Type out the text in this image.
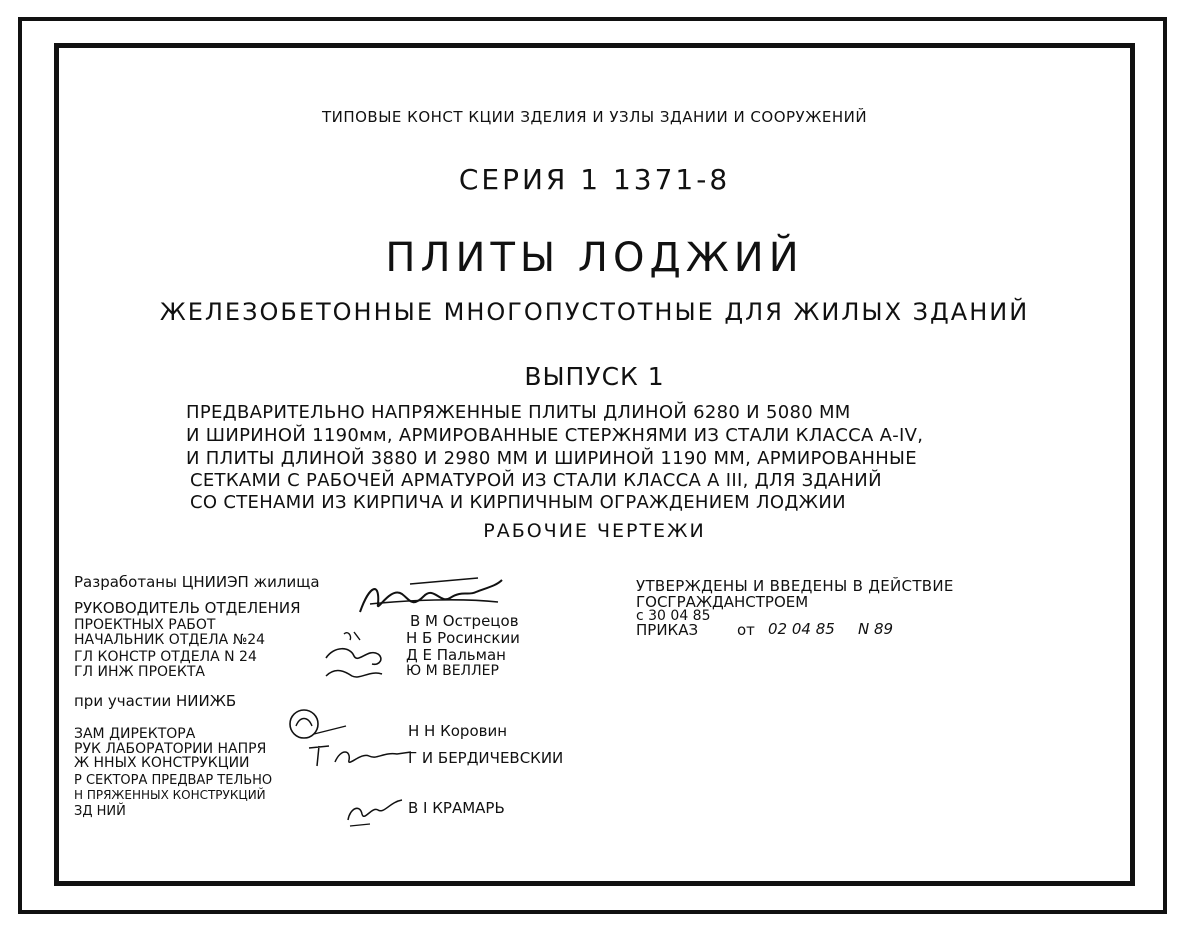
ТИПОВЫЕ КОНСТ КЦИИ ЗДЕЛИЯ И УЗЛЫ ЗДАНИИ И СООРУЖЕНИЙ
СЕРИЯ 1 1371-8
ПЛИТЫ ЛОДЖИЙ
ЖЕЛЕЗОБЕТОННЫЕ МНОГОПУСТОТНЫЕ ДЛЯ ЖИЛЫХ ЗДАНИЙ
ВЫПУСК 1
ПРЕДВАРИТЕЛЬНО НАПРЯЖЕННЫЕ ПЛИТЫ ДЛИНОЙ 6280 И 5080 ММ
И ШИРИНОЙ 1190мм, АРМИРОВАННЫЕ СТЕРЖНЯМИ ИЗ СТАЛИ КЛАССА А-IV,
И ПЛИТЫ ДЛИНОЙ 3880 И 2980 ММ И ШИРИНОЙ 1190 ММ, АРМИРОВАННЫЕ
СЕТКАМИ С РАБОЧЕЙ АРМАТУРОЙ ИЗ СТАЛИ КЛАССА А III, ДЛЯ ЗДАНИЙ
СО СТЕНАМИ ИЗ КИРПИЧА И КИРПИЧНЫМ ОГРАЖДЕНИЕМ ЛОДЖИИ
РАБОЧИЕ ЧЕРТЕЖИ
Разработаны ЦНИИЭП жилища
РУКОВОДИТЕЛЬ ОТДЕЛЕНИЯ
ПРОЕКТНЫХ РАБОТ	В М Острецов
НАЧАЛЬНИК ОТДЕЛА №24	Н Б Росинскии
ГЛ КОНСТР ОТДЕЛА N 24	Д Е Пальман
ГЛ ИНЖ ПРОЕКТА	Ю М ВЕЛЛЕР
при участии НИИЖБ
ЗАМ ДИРЕКТОРА	Н Н Коровин
РУК ЛАБОРАТОРИИ НАПРЯ
Ж ННЫХ КОНСТРУКЦИИ	Г И БЕРДИЧЕВСКИИ
Р СЕКТОРА ПРЕДВАР ТЕЛЬНО
Н ПРЯЖЕННЫХ КОНСТРУКЦИЙ
ЗД НИЙ	В І КРАМАРЬ
УТВЕРЖДЕНЫ И ВВЕДЕНЫ В ДЕЙСТВИЕ
ГОСГРАЖДАНСТРОЕМ
с 30 04 85
ПРИКАЗ	от 02 04 85 N 89
